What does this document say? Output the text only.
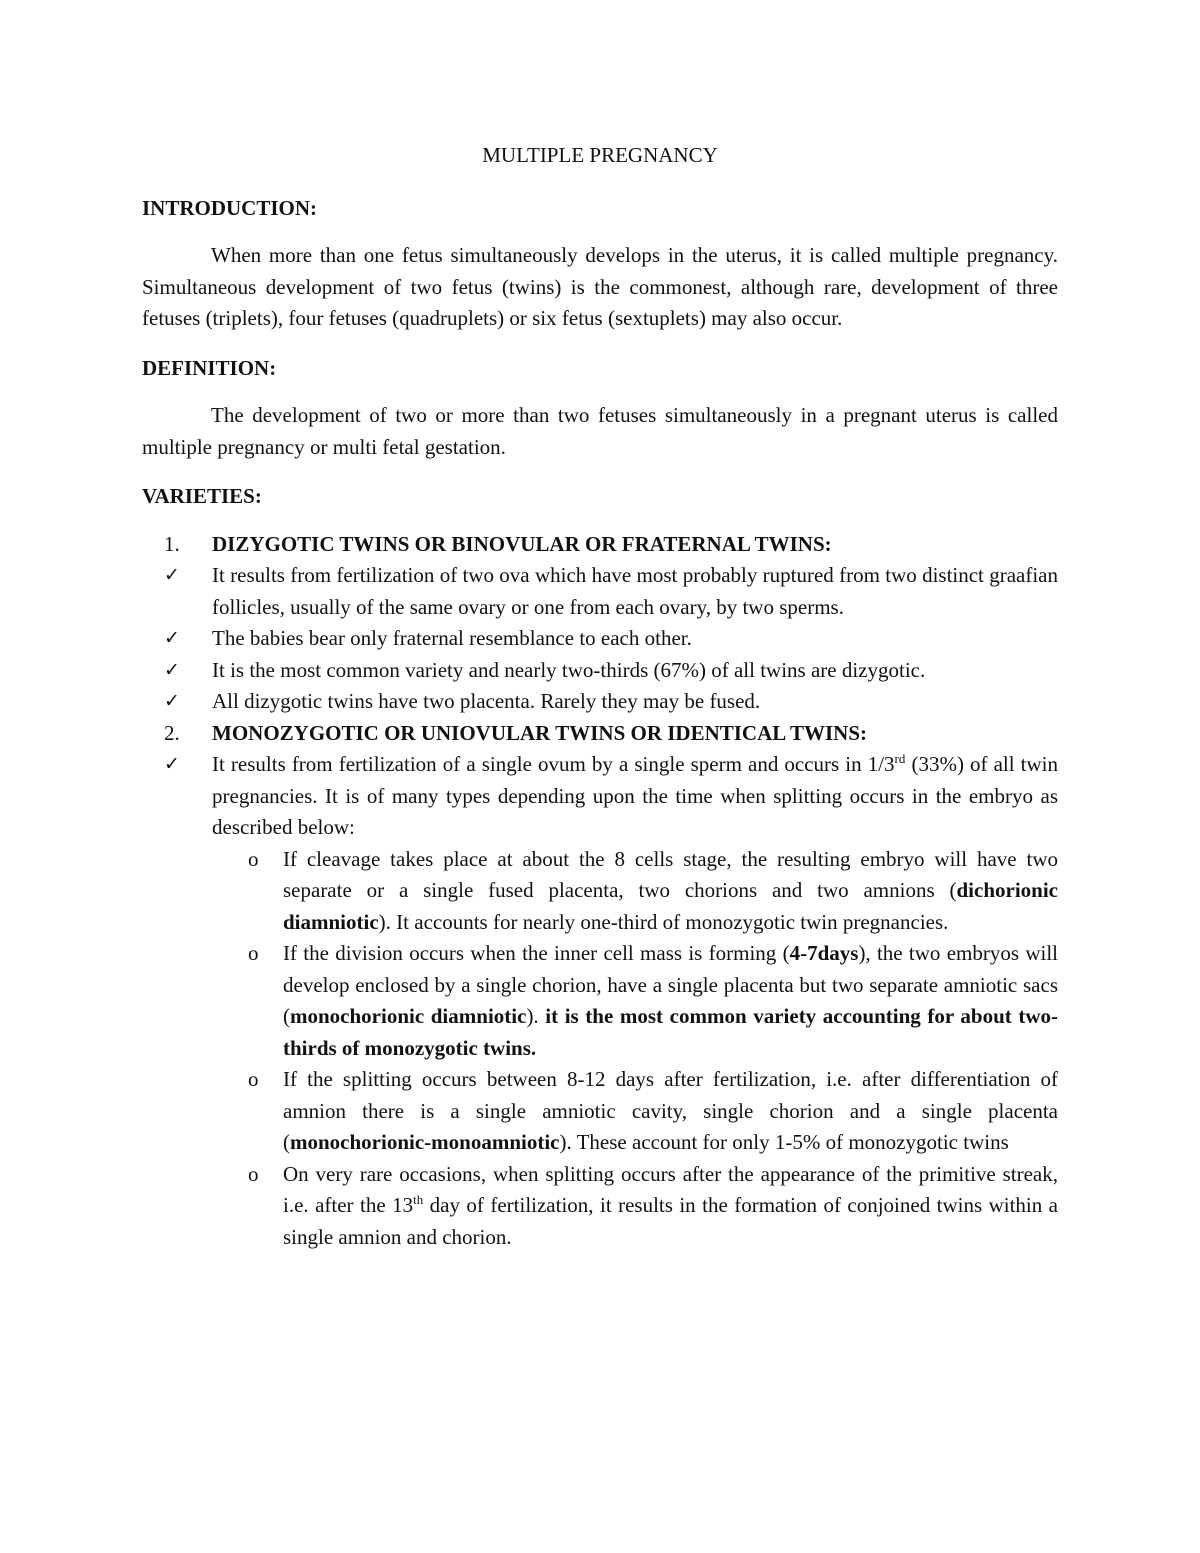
MULTIPLE PREGNANCY
INTRODUCTION:
When more than one fetus simultaneously develops in the uterus, it is called multiple pregnancy. Simultaneous development of two fetus (twins) is the commonest, although rare, development of three fetuses (triplets), four fetuses (quadruplets) or six fetus (sextuplets) may also occur.
DEFINITION:
The development of two or more than two fetuses simultaneously in a pregnant uterus is called multiple pregnancy or multi fetal gestation.
VARIETIES:
1. DIZYGOTIC TWINS OR BINOVULAR OR FRATERNAL TWINS:
✓ It results from fertilization of two ova which have most probably ruptured from two distinct graafian follicles, usually of the same ovary or one from each ovary, by two sperms.
✓ The babies bear only fraternal resemblance to each other.
✓ It is the most common variety and nearly two-thirds (67%) of all twins are dizygotic.
✓ All dizygotic twins have two placenta. Rarely they may be fused.
2. MONOZYGOTIC OR UNIOVULAR TWINS OR IDENTICAL TWINS:
✓ It results from fertilization of a single ovum by a single sperm and occurs in 1/3rd (33%) of all twin pregnancies. It is of many types depending upon the time when splitting occurs in the embryo as described below:
o If cleavage takes place at about the 8 cells stage, the resulting embryo will have two separate or a single fused placenta, two chorions and two amnions (dichorionic diamniotic). It accounts for nearly one-third of monozygotic twin pregnancies.
o If the division occurs when the inner cell mass is forming (4-7days), the two embryos will develop enclosed by a single chorion, have a single placenta but two separate amniotic sacs (monochorionic diamniotic). it is the most common variety accounting for about two-thirds of monozygotic twins.
o If the splitting occurs between 8-12 days after fertilization, i.e. after differentiation of amnion there is a single amniotic cavity, single chorion and a single placenta (monochorionic-monoamniotic). These account for only 1-5% of monozygotic twins
o On very rare occasions, when splitting occurs after the appearance of the primitive streak, i.e. after the 13th day of fertilization, it results in the formation of conjoined twins within a single amnion and chorion.
